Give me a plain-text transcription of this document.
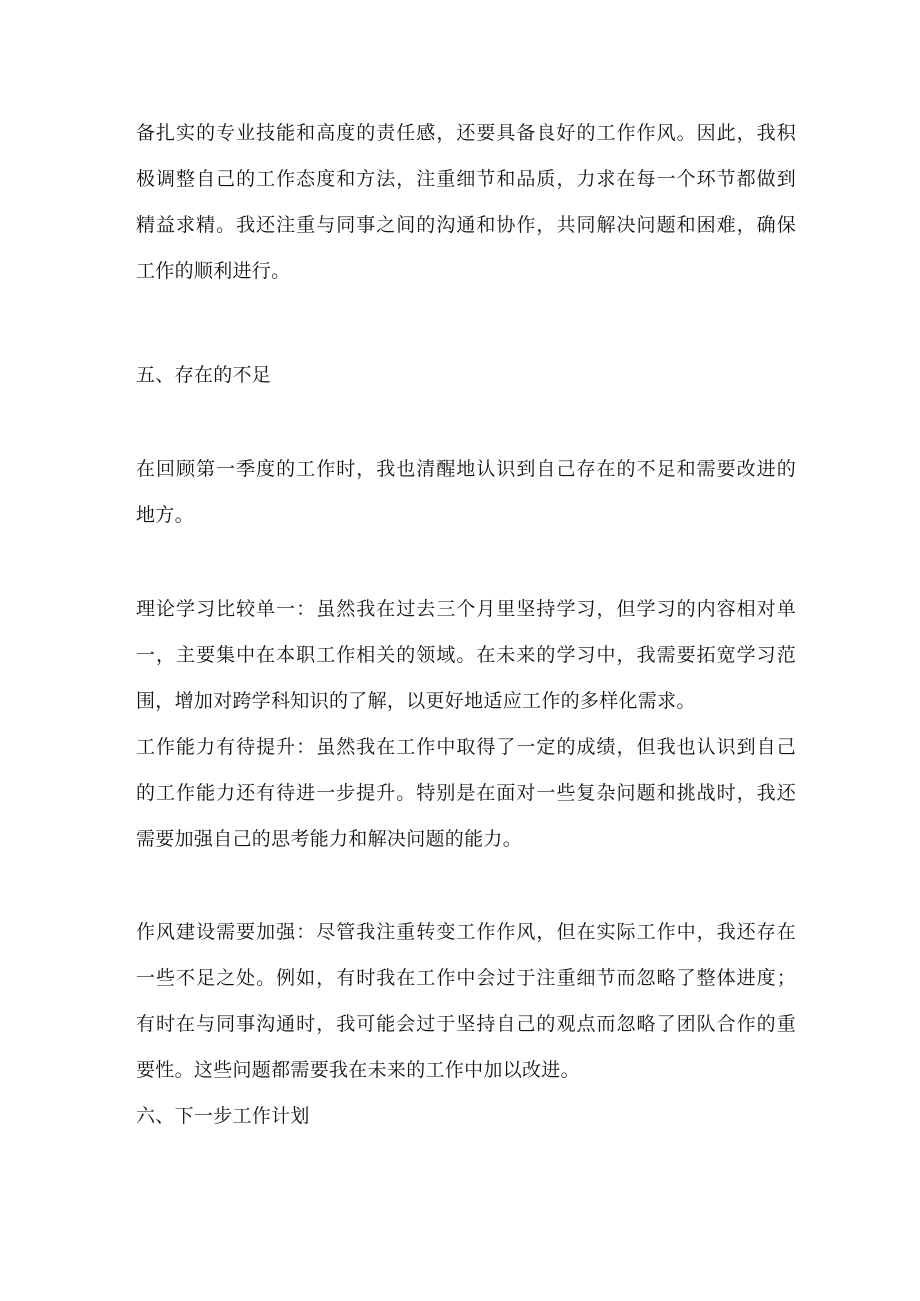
备扎实的专业技能和高度的责任感，还要具备良好的工作作风。因此，我积
极调整自己的工作态度和方法，注重细节和品质，力求在每一个环节都做到
精益求精。我还注重与同事之间的沟通和协作，共同解决问题和困难，确保
工作的顺利进行。
五、存在的不足
在回顾第一季度的工作时，我也清醒地认识到自己存在的不足和需要改进的
地方。
理论学习比较单一：虽然我在过去三个月里坚持学习，但学习的内容相对单
一，主要集中在本职工作相关的领域。在未来的学习中，我需要拓宽学习范
围，增加对跨学科知识的了解，以更好地适应工作的多样化需求。
工作能力有待提升：虽然我在工作中取得了一定的成绩，但我也认识到自己
的工作能力还有待进一步提升。特别是在面对一些复杂问题和挑战时，我还
需要加强自己的思考能力和解决问题的能力。
作风建设需要加强：尽管我注重转变工作作风，但在实际工作中，我还存在
一些不足之处。例如，有时我在工作中会过于注重细节而忽略了整体进度；
有时在与同事沟通时，我可能会过于坚持自己的观点而忽略了团队合作的重
要性。这些问题都需要我在未来的工作中加以改进。
六、下一步工作计划
